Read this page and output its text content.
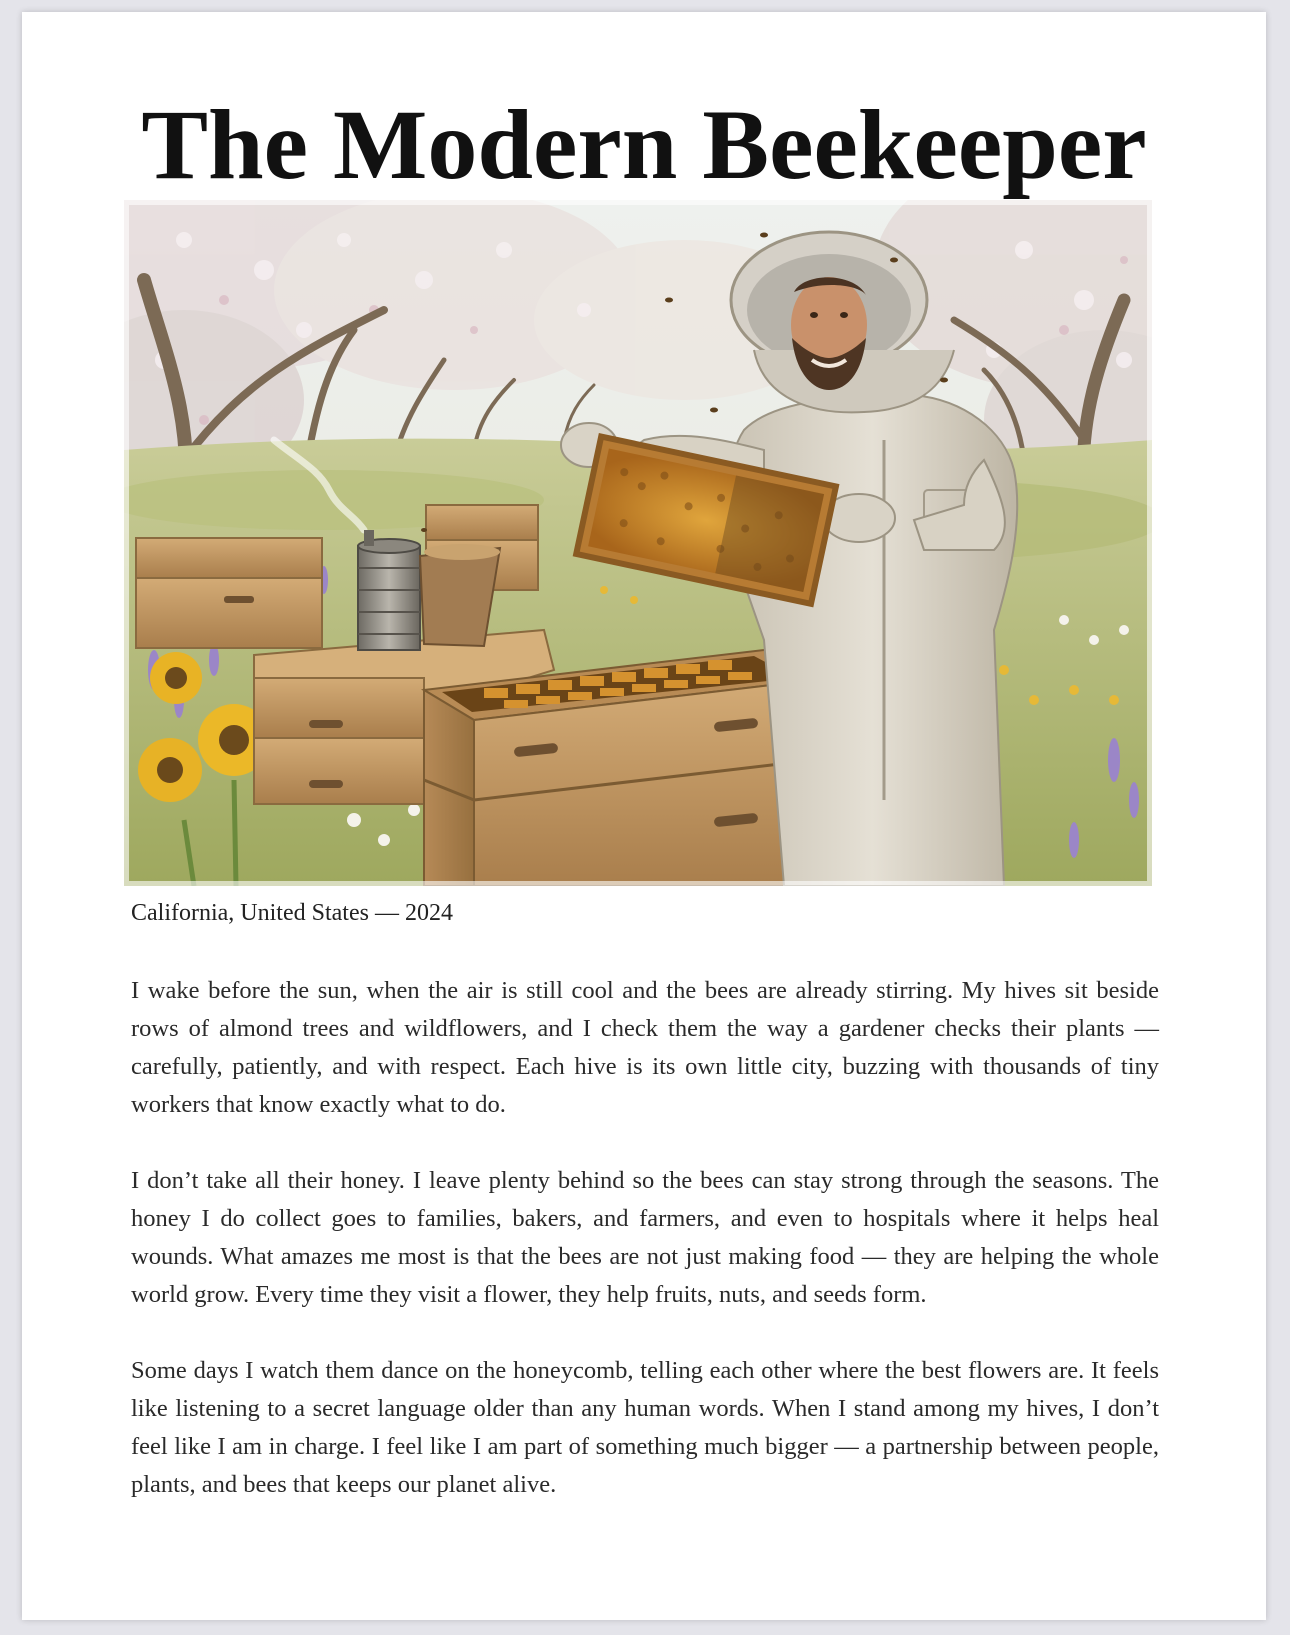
The Modern Beekeeper

California, United States — 2024

I wake before the sun, when the air is still cool and the bees are already stirring. My hives sit beside rows of almond trees and wildflowers, and I check them the way a gardener checks their plants — carefully, patiently, and with respect. Each hive is its own little city, buzzing with thousands of tiny workers that know exactly what to do.

I don’t take all their honey. I leave plenty behind so the bees can stay strong through the seasons. The honey I do collect goes to families, bakers, and farmers, and even to hospitals where it helps heal wounds. What amazes me most is that the bees are not just making food — they are helping the whole world grow. Every time they visit a flower, they help fruits, nuts, and seeds form.

Some days I watch them dance on the honeycomb, telling each other where the best flowers are. It feels like listening to a secret language older than any human words. When I stand among my hives, I don’t feel like I am in charge. I feel like I am part of something much bigger — a partnership between people, plants, and bees that keeps our planet alive.
